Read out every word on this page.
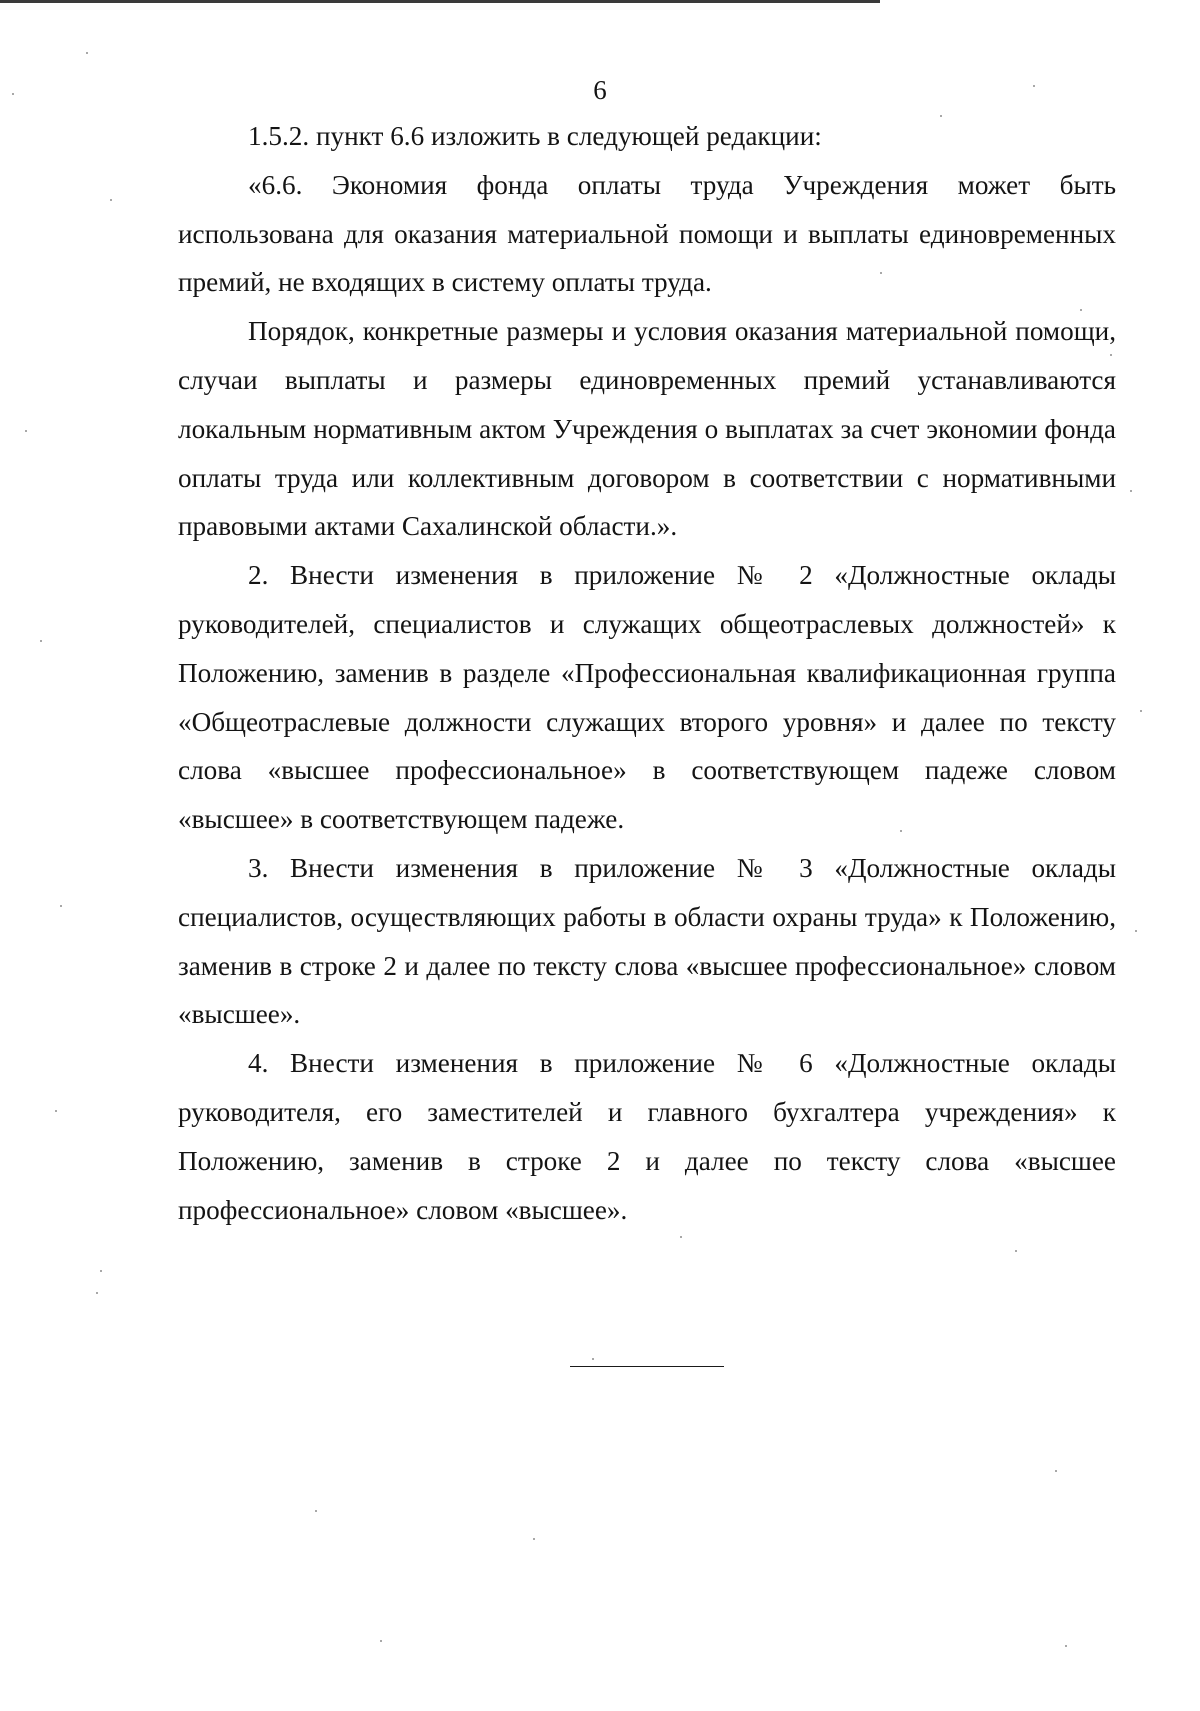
6

1.5.2. пункт 6.6 изложить в следующей редакции:

«6.6. Экономия фонда оплаты труда Учреждения может быть использована для оказания материальной помощи и выплаты единовременных премий, не входящих в систему оплаты труда.

Порядок, конкретные размеры и условия оказания материальной помощи, случаи выплаты и размеры единовременных премий устанавливаются локальным нормативным актом Учреждения о выплатах за счет экономии фонда оплаты труда или коллективным договором в соответствии с нормативными правовыми актами Сахалинской области.».

2. Внести изменения в приложение № 2 «Должностные оклады руководителей, специалистов и служащих общеотраслевых должностей» к Положению, заменив в разделе «Профессиональная квалификационная группа «Общеотраслевые должности служащих второго уровня» и далее по тексту слова «высшее профессиональное» в соответствующем падеже словом «высшее» в соответствующем падеже.

3. Внести изменения в приложение № 3 «Должностные оклады специалистов, осуществляющих работы в области охраны труда» к Положению, заменив в строке 2 и далее по тексту слова «высшее профессиональное» словом «высшее».

4. Внести изменения в приложение № 6 «Должностные оклады руководителя, его заместителей и главного бухгалтера учреждения» к Положению, заменив в строке 2 и далее по тексту слова «высшее профессиональное» словом «высшее».
